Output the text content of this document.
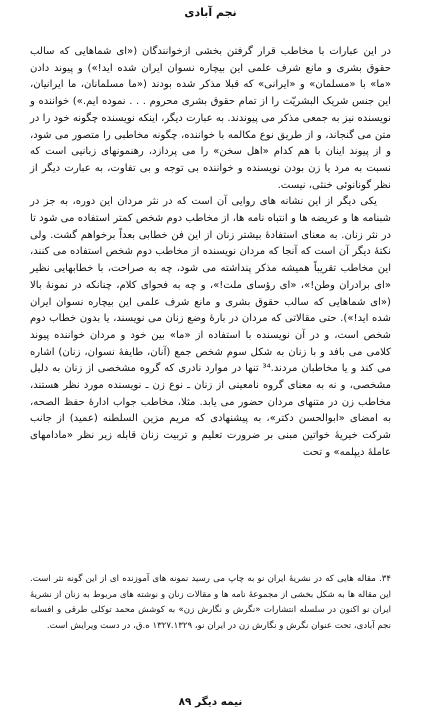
نجم آبادی

در این عبارات با مخاطب قرار گرفتن بخشی ازخوانندگان («ای شماهایی که سالب حقوق بشری و مانع شرف علمی این بیچاره نسوان ایران شده اید!») و پیوند دادن «ما» با «مسلمان» و «ایرانی» که قبلا مذکر شده بودند («ما مسلمانان، ما ایرانیان، این جنس شریک البشریّت را از تمام حقوق بشری محروم . . . نموده ایم.») خواننده و نویسنده نیز به جمعی مذکر می پیوندند. به عبارت دیگر، اینکه نویسنده چگونه خود را در متن می گنجاند، و از طریق نوع مکالمه با خواننده، چگونه مخاطبی را متصور می شود، و از پیوند اینان با هم کدام «اهل سخن» را می پردازد، رهنمونهای زبانیی است که نسبت به مرد یا زن بودن نویسنده و خواننده بی توجه و بی تفاوت، به عبارت دیگر از نظر گونانوئی خنثی، نیست.

یکی دیگر از این نشانه های روایی آن است که در نثر مردان این دوره، به جز در شبنامه ها و عریضه ها و انتباه نامه ها، از مخاطب دوم شخص کمتر استفاده می شود تا در نثر زنان. به معنای استفادهٔ بیشتر زنان از این فن خطابی بعداً برخواهم گشت. ولی نکتهٔ دیگر آن است که آنجا که مردان نویسنده از مخاطب دوم شخص استفاده می کنند، این مخاطب تقریباً همیشه مذکر پنداشته می شود، چه به صراحت، با خطابهایی نظیر «ای برادران وطن!»، «ای رؤسای ملت!»، و چه به فحوای کلام، چنانکه در نمونهٔ بالا («ای شماهایی که سالب حقوق بشری و مانع شرف علمی این بیچاره نسوان ایران شده اید!»). حتی مقالاتی که مردان در بارهٔ وضع زنان می نویسند، یا بدون خطاب دوم شخص است، و در آن نویسنده با استفاده از «ما» بین خود و مردان خواننده پیوند کلامی می بافد و با زنان به شکل سوم شخص جمع (آنان، طایفهٔ نسوان، زنان) اشاره می کند و یا مخاطبان مردند.³⁴ تنها در موارد نادری که گروه مشخصی از زنان به دلیل مشخصی، و نه به معنای گروه نامعینی از زنان ـ نوع زن ـ نویسنده مورد نظر هستند، مخاطب زن در متنهای مردان حضور می یابد. مثلا، مخاطب جواب ادارهٔ حفظ الصحه، به امضای «ابوالحسن دکتر»، به پیشنهادی که مریم مزین السلطنه (عمید) از جانب شرکت خیریهٔ خواتین مبنی بر ضرورت تعلیم و تربیت زنان قابله زیر نظر «مادامهای عاملهٔ دیپلمه» و تحت

۳۴. مقاله هایی که در نشریهٔ ایران نو به چاپ می رسید نمونه های آموزنده ای از این گونه نثر است. این مقاله ها به شکل بخشی از مجموعهٔ نامه ها و مقالات زنان و نوشته های مربوط به زنان از نشریهٔ ایران نو اکنون در سلسله انتشارات «نگرش و نگارش زن» به کوشش محمد توکلی طرقی و افسانه نجم آبادی، تحت عنوان نگرش و نگارش زن در ایران نو، ۱۳۲۷.۱۳۲۹ ه.ق، در دست ویرایش است.

نیمه دیگر ۸۹
